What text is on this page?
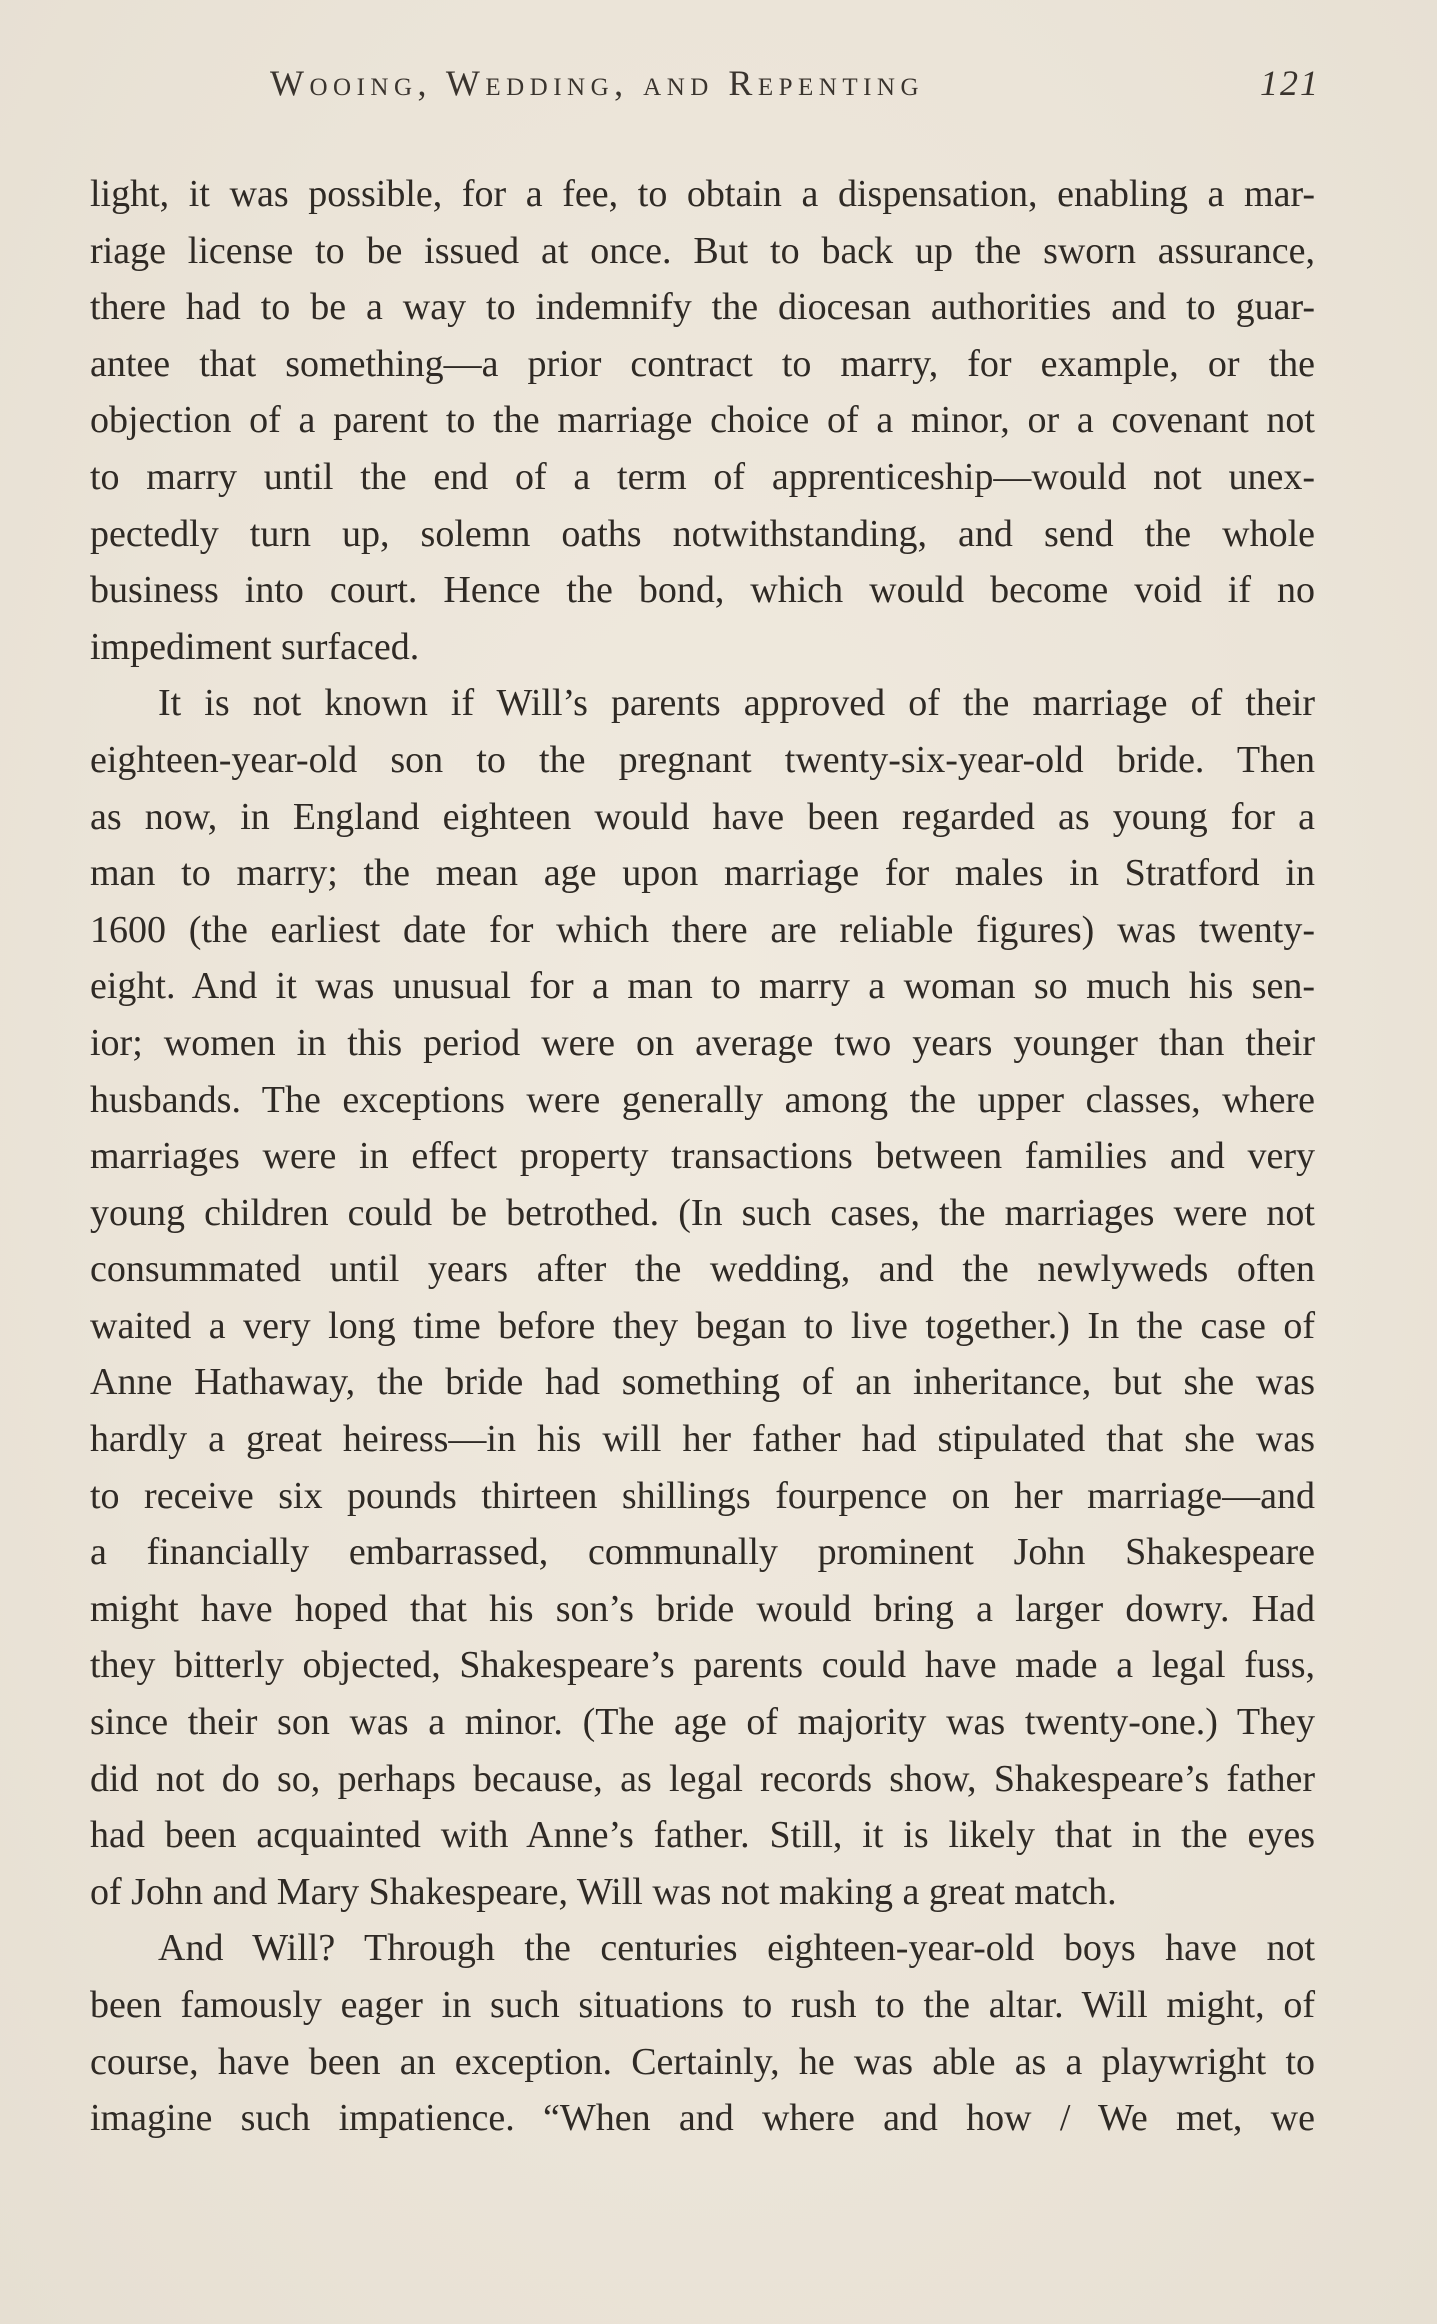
Wooing, Wedding, and Repenting	121
light, it was possible, for a fee, to obtain a dispensation, enabling a mar-
riage license to be issued at once. But to back up the sworn assurance,
there had to be a way to indemnify the diocesan authorities and to guar-
antee that something—a prior contract to marry, for example, or the
objection of a parent to the marriage choice of a minor, or a covenant not
to marry until the end of a term of apprenticeship—would not unex-
pectedly turn up, solemn oaths notwithstanding, and send the whole
business into court. Hence the bond, which would become void if no
impediment surfaced.
It is not known if Will’s parents approved of the marriage of their
eighteen-year-old son to the pregnant twenty-six-year-old bride. Then
as now, in England eighteen would have been regarded as young for a
man to marry; the mean age upon marriage for males in Stratford in
1600 (the earliest date for which there are reliable figures) was twenty-
eight. And it was unusual for a man to marry a woman so much his sen-
ior; women in this period were on average two years younger than their
husbands. The exceptions were generally among the upper classes, where
marriages were in effect property transactions between families and very
young children could be betrothed. (In such cases, the marriages were not
consummated until years after the wedding, and the newlyweds often
waited a very long time before they began to live together.) In the case of
Anne Hathaway, the bride had something of an inheritance, but she was
hardly a great heiress—in his will her father had stipulated that she was
to receive six pounds thirteen shillings fourpence on her marriage—and
a financially embarrassed, communally prominent John Shakespeare
might have hoped that his son’s bride would bring a larger dowry. Had
they bitterly objected, Shakespeare’s parents could have made a legal fuss,
since their son was a minor. (The age of majority was twenty-one.) They
did not do so, perhaps because, as legal records show, Shakespeare’s father
had been acquainted with Anne’s father. Still, it is likely that in the eyes
of John and Mary Shakespeare, Will was not making a great match.
And Will? Through the centuries eighteen-year-old boys have not
been famously eager in such situations to rush to the altar. Will might, of
course, have been an exception. Certainly, he was able as a playwright to
imagine such impatience. “When and where and how / We met, we
